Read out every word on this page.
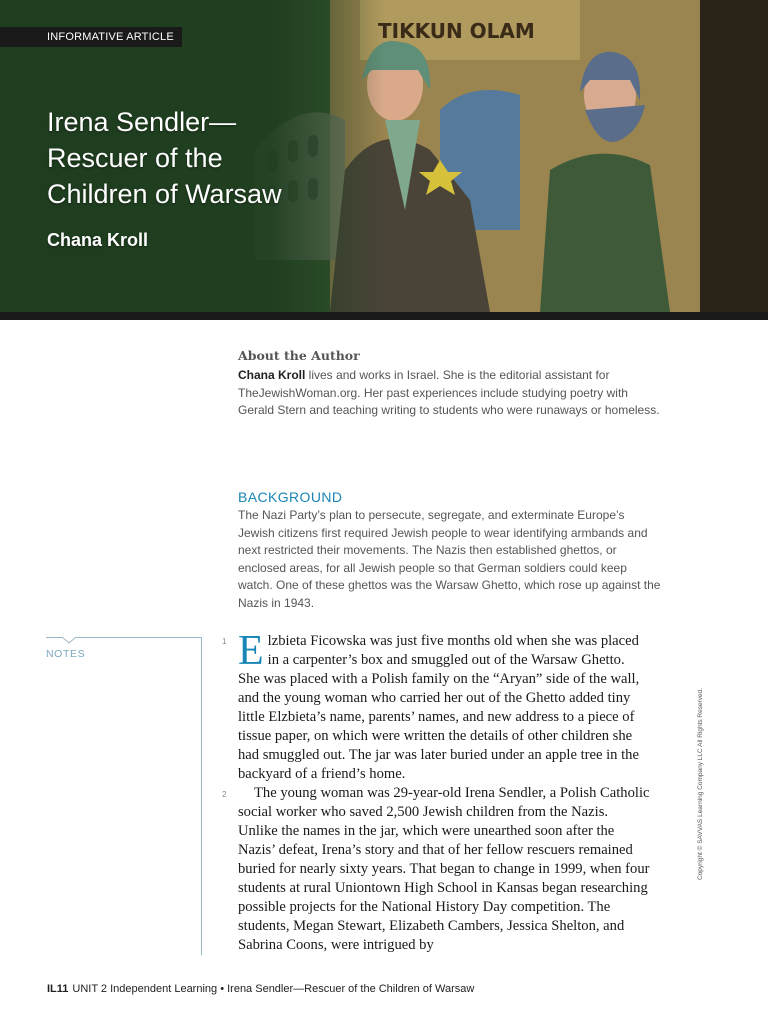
INFORMATIVE ARTICLE
Irena Sendler—
Rescuer of the
Children of Warsaw
Chana Kroll
About the Author

Chana Kroll lives and works in Israel. She is the editorial assistant for TheJewishWoman.org. Her past experiences include studying poetry with Gerald Stern and teaching writing to students who were runaways or homeless.

BACKGROUND

The Nazi Party’s plan to persecute, segregate, and exterminate Europe’s Jewish citizens first required Jewish people to wear identifying armbands and next restricted their movements. The Nazis then established ghettos, or enclosed areas, for all Jewish people so that German soldiers could keep watch. One of these ghettos was the Warsaw Ghetto, which rose up against the Nazis in 1943.

NOTES
1
2

Elzbieta Ficowska was just five months old when she was placed in a carpenter’s box and smuggled out of the Warsaw Ghetto. She was placed with a Polish family on the “Aryan” side of the wall, and the young woman who carried her out of the Ghetto added tiny little Elzbieta’s name, parents’ names, and new address to a piece of tissue paper, on which were written the details of other children she had smuggled out. The jar was later buried under an apple tree in the backyard of a friend’s home.

The young woman was 29-year-old Irena Sendler, a Polish Catholic social worker who saved 2,500 Jewish children from the Nazis. Unlike the names in the jar, which were unearthed soon after the Nazis’ defeat, Irena’s story and that of her fellow rescuers remained buried for nearly sixty years. That began to change in 1999, when four students at rural Uniontown High School in Kansas began researching possible projects for the National History Day competition. The students, Megan Stewart, Elizabeth Cambers, Jessica Shelton, and Sabrina Coons, were intrigued by

Copyright © SAVVAS Learning Company LLC All Rights Reserved.
IL11 UNIT 2 Independent Learning • Irena Sendler—Rescuer of the Children of Warsaw
